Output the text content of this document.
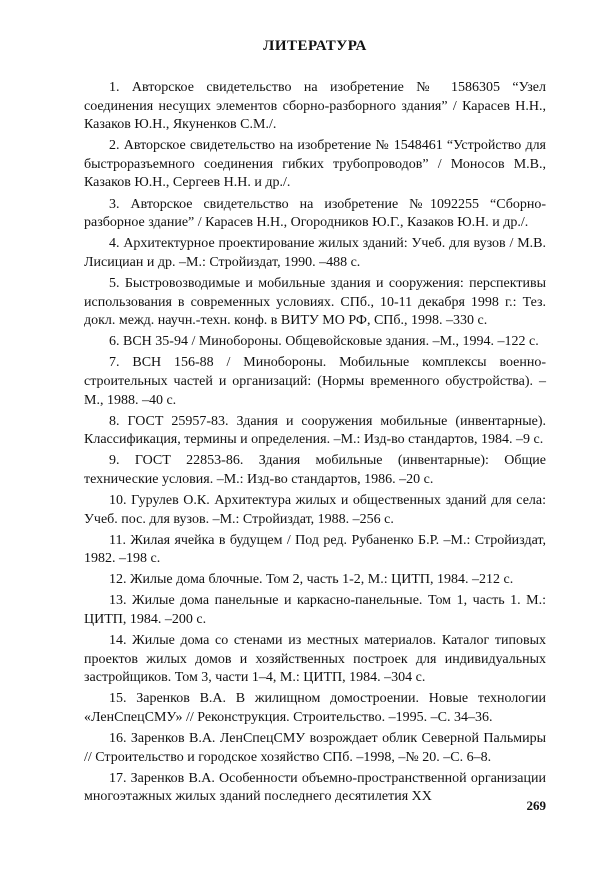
ЛИТЕРАТУРА
1. Авторское свидетельство на изобретение № 1586305 “Узел соединения несущих элементов сборно-разборного здания” / Карасев Н.Н., Казаков Ю.Н., Якуненков С.М./.
2. Авторское свидетельство на изобретение № 1548461 “Устройство для быстроразъемного соединения гибких трубопроводов” / Моносов М.В., Казаков Ю.Н., Сергеев Н.Н. и др./.
3. Авторское свидетельство на изобретение №1092255 “Сборно-разборное здание” / Карасев Н.Н., Огородников Ю.Г., Казаков Ю.Н. и др./.
4. Архитектурное проектирование жилых зданий: Учеб. для вузов / М.В. Лисициан и др. –М.: Стройиздат, 1990. –488 с.
5. Быстровозводимые и мобильные здания и сооружения: перспективы использования в современных условиях. СПб., 10-11 декабря 1998 г.: Тез. докл. межд. научн.-техн. конф. в ВИТУ МО РФ, СПб., 1998. –330 с.
6. ВСН 35-94 / Минобороны. Общевойсковые здания. –М., 1994. –122 с.
7. ВСН 156-88 / Минобороны. Мобильные комплексы военно-строительных частей и организаций: (Нормы временного обустройства). –М., 1988. –40 с.
8. ГОСТ 25957-83. Здания и сооружения мобильные (инвентарные). Классификация, термины и определения. –М.: Изд-во стандартов, 1984. –9 с.
9. ГОСТ 22853-86. Здания мобильные (инвентарные): Общие технические условия. –М.: Изд-во стандартов, 1986. –20 с.
10. Гурулев О.К. Архитектура жилых и общественных зданий для села: Учеб. пос. для вузов. –М.: Стройиздат, 1988. –256 с.
11. Жилая ячейка в будущем / Под ред. Рубаненко Б.Р. –М.: Стройиздат, 1982. –198 с.
12. Жилые дома блочные. Том 2, часть 1-2, М.: ЦИТП, 1984. –212 с.
13. Жилые дома панельные и каркасно-панельные. Том 1, часть 1. М.: ЦИТП, 1984. –200 с.
14. Жилые дома со стенами из местных материалов. Каталог типовых проектов жилых домов и хозяйственных построек для индивидуальных застройщиков. Том 3, части 1–4, М.: ЦИТП, 1984. –304 с.
15. Заренков В.А. В жилищном домостроении. Новые технологии «ЛенСпецСМУ» // Реконструкция. Строительство. –1995. –С. 34–36.
16. Заренков В.А. ЛенСпецСМУ возрождает облик Северной Пальмиры // Строительство и городское хозяйство СПб. –1998, –№ 20. –С. 6–8.
17. Заренков В.А. Особенности объемно-пространственной организации многоэтажных жилых зданий последнего десятилетия XX
269
